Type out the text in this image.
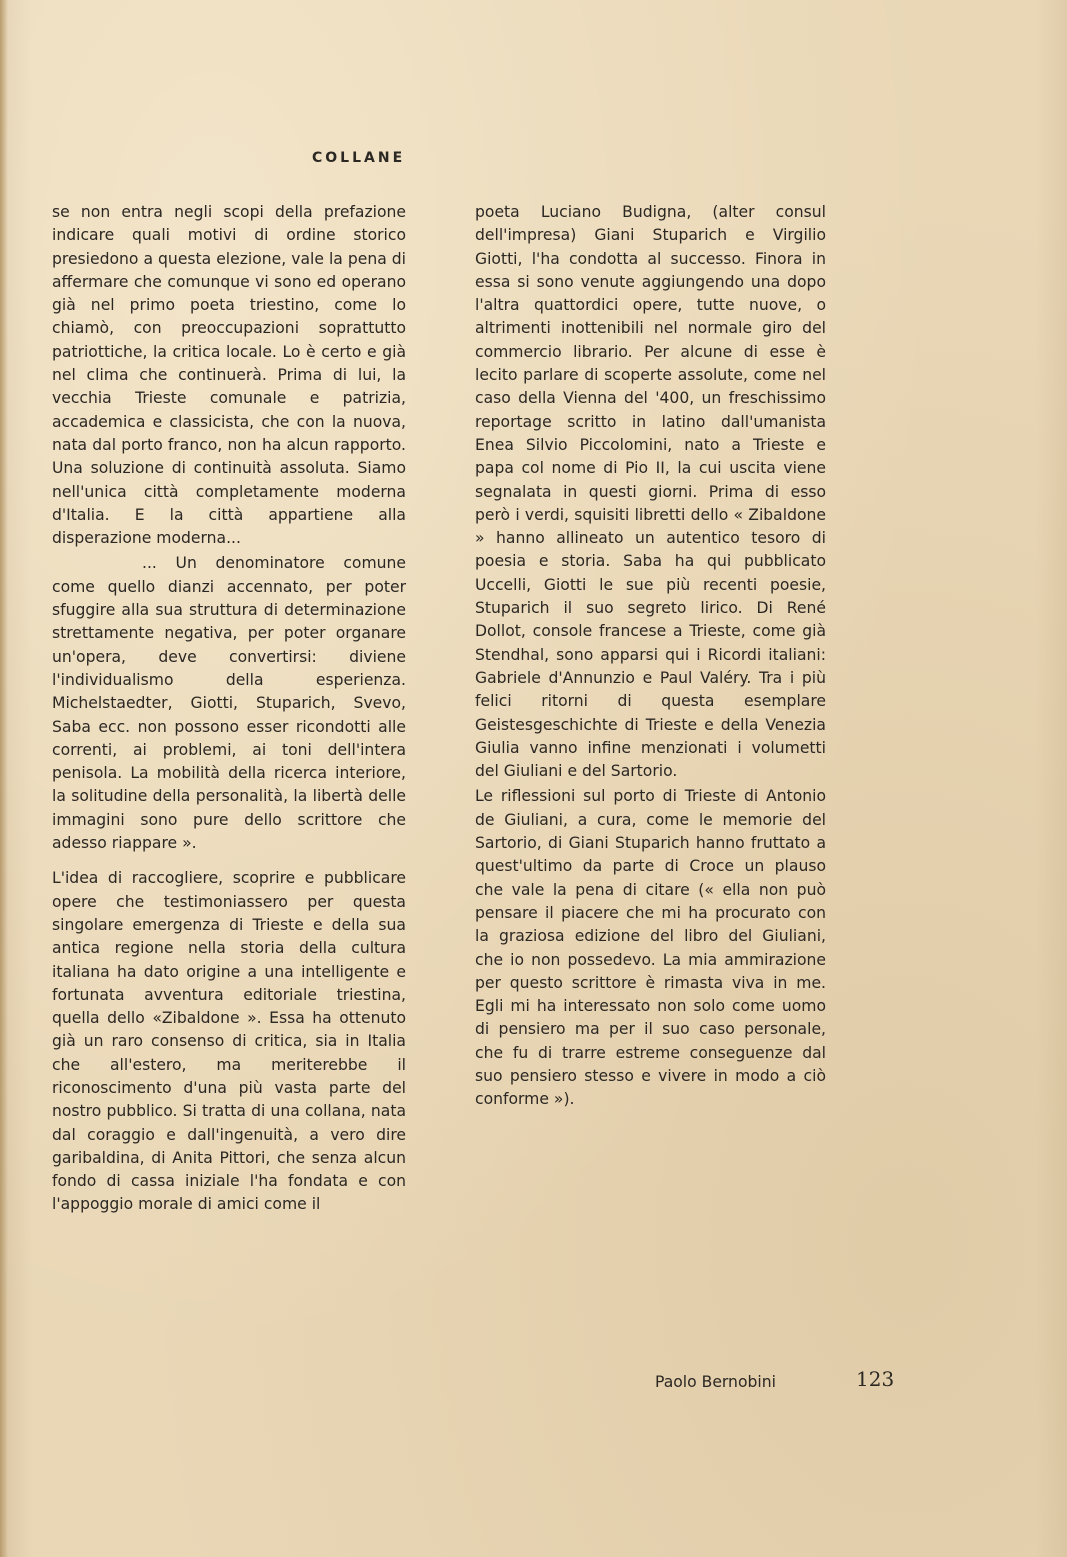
COLLANE

se non entra negli scopi della prefazione indicare quali motivi di ordine storico presiedono a questa elezione, vale la pena di affermare che comunque vi sono ed operano già nel primo poeta triestino, come lo chiamò, con preoccupazioni soprattutto patriottiche, la critica locale. Lo è certo e già nel clima che continuerà. Prima di lui, la vecchia Trieste comunale e patrizia, accademica e classicista, che con la nuova, nata dal porto franco, non ha alcun rapporto. Una soluzione di continuità assoluta. Siamo nell'unica città completamente moderna d'Italia. E la città appartiene alla disperazione moderna...

... Un denominatore comune come quello dianzi accennato, per poter sfuggire alla sua struttura di determinazione strettamente negativa, per poter organare un'opera, deve convertirsi: diviene l'individualismo della esperienza. Michelstaedter, Giotti, Stuparich, Svevo, Saba ecc. non possono esser ricondotti alle correnti, ai problemi, ai toni dell'intera penisola. La mobilità della ricerca interiore, la solitudine della personalità, la libertà delle immagini sono pure dello scrittore che adesso riappare ».

L'idea di raccogliere, scoprire e pubblicare opere che testimoniassero per questa singolare emergenza di Trieste e della sua antica regione nella storia della cultura italiana ha dato origine a una intelligente e fortunata avventura editoriale triestina, quella dello «Zibaldone ». Essa ha ottenuto già un raro consenso di critica, sia in Italia che all'estero, ma meriterebbe il riconoscimento d'una più vasta parte del nostro pubblico. Si tratta di una collana, nata dal coraggio e dall'ingenuità, a vero dire garibaldina, di Anita Pittori, che senza alcun fondo di cassa iniziale l'ha fondata e con l'appoggio morale di amici come il

poeta Luciano Budigna, (alter consul dell'impresa) Giani Stuparich e Virgilio Giotti, l'ha condotta al successo. Finora in essa si sono venute aggiungendo una dopo l'altra quattordici opere, tutte nuove, o altrimenti inottenibili nel normale giro del commercio librario. Per alcune di esse è lecito parlare di scoperte assolute, come nel caso della Vienna del '400, un freschissimo reportage scritto in latino dall'umanista Enea Silvio Piccolomini, nato a Trieste e papa col nome di Pio II, la cui uscita viene segnalata in questi giorni. Prima di esso però i verdi, squisiti libretti dello « Zibaldone » hanno allineato un autentico tesoro di poesia e storia. Saba ha qui pubblicato Uccelli, Giotti le sue più recenti poesie, Stuparich il suo segreto lirico. Di René Dollot, console francese a Trieste, come già Stendhal, sono apparsi qui i Ricordi italiani: Gabriele d'Annunzio e Paul Valéry. Tra i più felici ritorni di questa esemplare Geistesgeschichte di Trieste e della Venezia Giulia vanno infine menzionati i volumetti del Giuliani e del Sartorio.

Le riflessioni sul porto di Trieste di Antonio de Giuliani, a cura, come le memorie del Sartorio, di Giani Stuparich hanno fruttato a quest'ultimo da parte di Croce un plauso che vale la pena di citare (« ella non può pensare il piacere che mi ha procurato con la graziosa edizione del libro del Giuliani, che io non possedevo. La mia ammirazione per questo scrittore è rimasta viva in me. Egli mi ha interessato non solo come uomo di pensiero ma per il suo caso personale, che fu di trarre estreme conseguenze dal suo pensiero stesso e vivere in modo a ciò conforme »).

Paolo Bernobini	123
